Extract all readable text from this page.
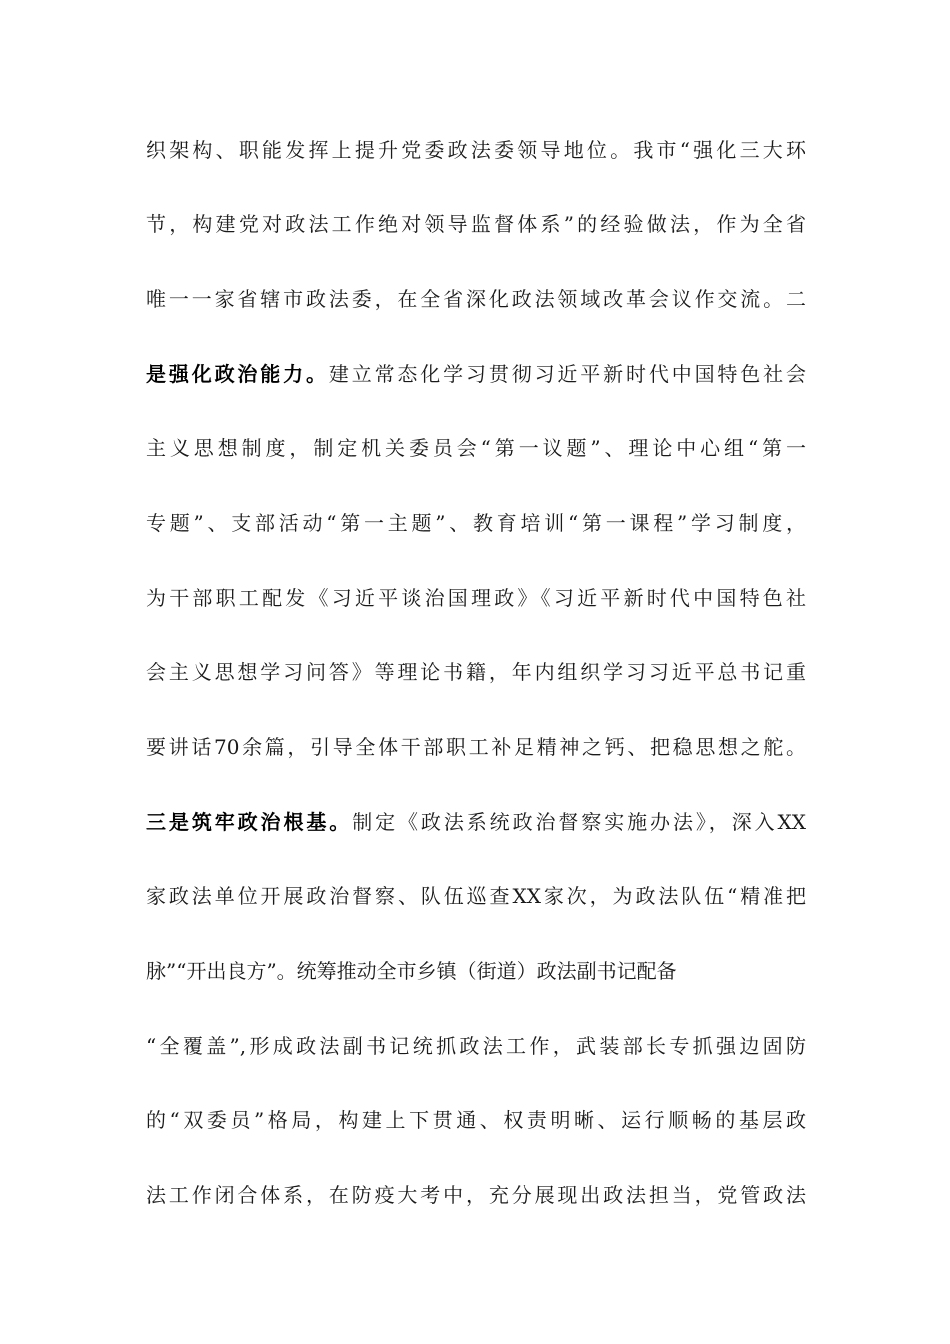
织架构、职能发挥上提升党委政法委领导地位。我市“强化三大环
节，构建党对政法工作绝对领导监督体系”的经验做法，作为全省
唯一一家省辖市政法委，在全省深化政法领域改革会议作交流。二
是强化政治能力。建立常态化学习贯彻习近平新时代中国特色社会
主义思想制度，制定机关委员会“第一议题”、理论中心组“第一
专题”、支部活动“第一主题”、教育培训“第一课程”学习制度，
为干部职工配发《习近平谈治国理政》《习近平新时代中国特色社
会主义思想学习问答》等理论书籍，年内组织学习习近平总书记重
要讲话70余篇，引导全体干部职工补足精神之钙、把稳思想之舵。
三是筑牢政治根基。制定《政法系统政治督察实施办法》，深入XX
家政法单位开展政治督察、队伍巡查XX家次，为政法队伍“精准把
脉”“开出良方”。统筹推动全市乡镇（街道）政法副书记配备
“全覆盖”,形成政法副书记统抓政法工作，武装部长专抓强边固防
的“双委员”格局，构建上下贯通、权责明晰、运行顺畅的基层政
法工作闭合体系，在防疫大考中，充分展现出政法担当，党管政法
